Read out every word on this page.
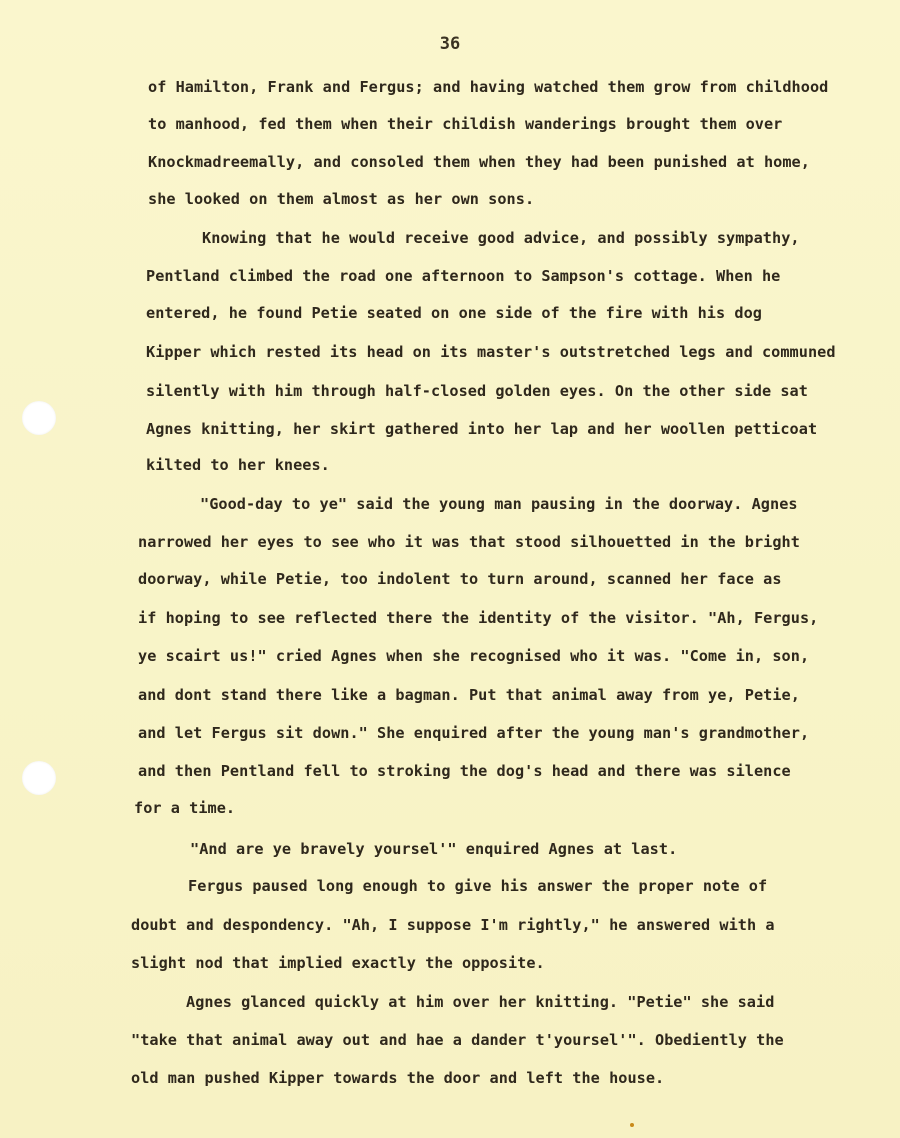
36
of Hamilton, Frank and Fergus; and having watched them grow from childhood
to manhood, fed them when their childish wanderings brought them over
Knockmadreemally, and consoled them when they had been punished at home,
she looked on them almost as her own sons.
Knowing that he would receive good advice, and possibly sympathy,
Pentland climbed the road one afternoon to Sampson's cottage. When he
entered, he found Petie seated on one side of the fire with his dog
Kipper which rested its head on its master's outstretched legs and communed
silently with him through half-closed golden eyes. On the other side sat
Agnes knitting, her skirt gathered into her lap and her woollen petticoat
kilted to her knees.
"Good-day to ye" said the young man pausing in the doorway. Agnes
narrowed her eyes to see who it was that stood silhouetted in the bright
doorway, while Petie, too indolent to turn around, scanned her face as
if hoping to see reflected there the identity of the visitor. "Ah, Fergus,
ye scairt us!" cried Agnes when she recognised who it was. "Come in, son,
and dont stand there like a bagman. Put that animal away from ye, Petie,
and let Fergus sit down." She enquired after the young man's grandmother,
and then Pentland fell to stroking the dog's head and there was silence
for a time.
"And are ye bravely yoursel'" enquired Agnes at last.
Fergus paused long enough to give his answer the proper note of
doubt and despondency. "Ah, I suppose I'm rightly," he answered with a
slight nod that implied exactly the opposite.
Agnes glanced quickly at him over her knitting. "Petie" she said
"take that animal away out and hae a dander t'yoursel'". Obediently the
old man pushed Kipper towards the door and left the house.
